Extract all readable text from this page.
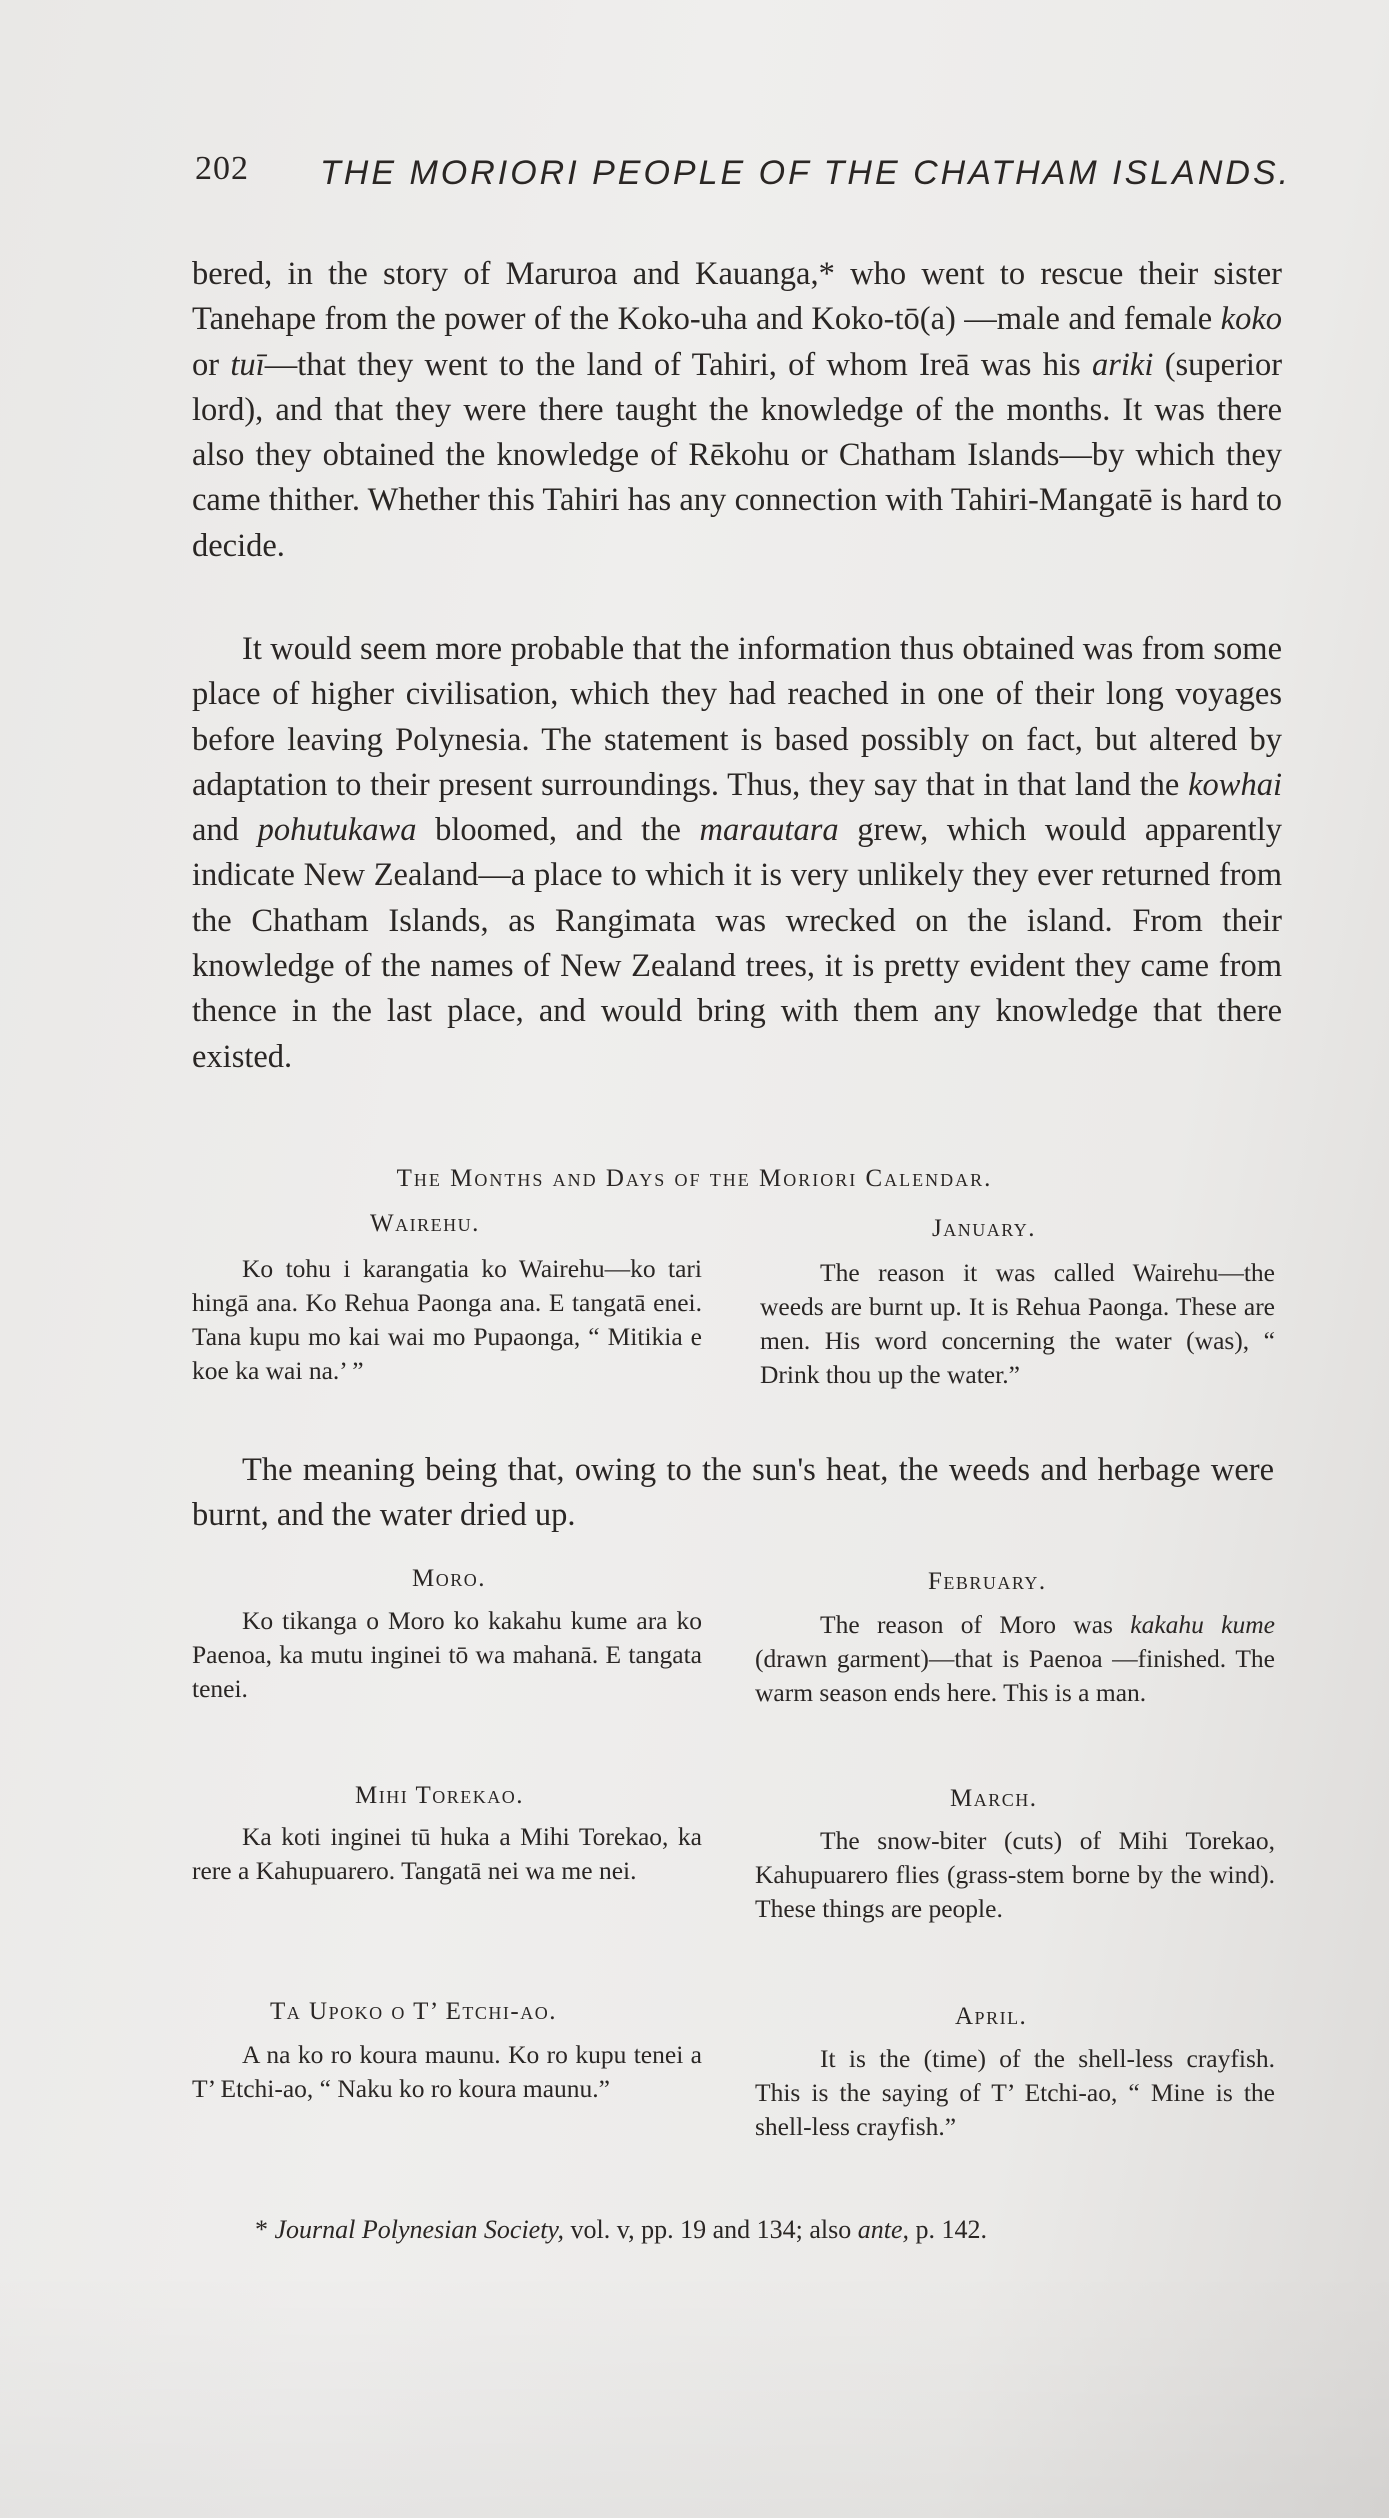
202 THE MORIORI PEOPLE OF THE CHATHAM ISLANDS.

bered, in the story of Maruroa and Kauanga,* who went to rescue their sister Tanehape from the power of the Koko-uha and Koko-tō(a) —male and female koko or tuī—that they went to the land of Tahiri, of whom Ireā was his ariki (superior lord), and that they were there taught the knowledge of the months. It was there also they obtained the knowledge of Rēkohu or Chatham Islands—by which they came thither. Whether this Tahiri has any connection with Tahiri-Mangatē is hard to decide.

It would seem more probable that the information thus obtained was from some place of higher civilisation, which they had reached in one of their long voyages before leaving Polynesia. The statement is based possibly on fact, but altered by adaptation to their present surroundings. Thus, they say that in that land the kowhai and pohutukawa bloomed, and the marautara grew, which would apparently indicate New Zealand—a place to which it is very unlikely they ever returned from the Chatham Islands, as Rangimata was wrecked on the island. From their knowledge of the names of New Zealand trees, it is pretty evident they came from thence in the last place, and would bring with them any knowledge that there existed.

The Months and Days of the Moriori Calendar.
Wairehu.	January.

Ko tohu i karangatia ko Wairehu—ko tari hingā ana. Ko Rehua Paonga ana. E tangatā enei. Tana kupu mo kai wai mo Pupaonga, “ Mitikia e koe ka wai na.’ ”

The reason it was called Wairehu—the weeds are burnt up. It is Rehua Paonga. These are men. His word concerning the water (was), “ Drink thou up the water.”

The meaning being that, owing to the sun's heat, the weeds and herbage were burnt, and the water dried up.

Moro.	February.

Ko tikanga o Moro ko kakahu kume ara ko Paenoa, ka mutu inginei tō wa mahanā. E tangata tenei.

The reason of Moro was kakahu kume (drawn garment)—that is Paenoa —finished. The warm season ends here. This is a man.

Mihi Torekao.	March.

Ka koti inginei tū huka a Mihi Torekao, ka rere a Kahupuarero. Tangatā nei wa me nei.

The snow-biter (cuts) of Mihi Torekao, Kahupuarero flies (grass-stem borne by the wind). These things are people.

Ta Upoko o T’ Etchi-ao.	April.

A na ko ro koura maunu. Ko ro kupu tenei a T’ Etchi-ao, “ Naku ko ro koura maunu.”

It is the (time) of the shell-less crayfish. This is the saying of T’ Etchi-ao, “ Mine is the shell-less crayfish.”

* Journal Polynesian Society, vol. v, pp. 19 and 134; also ante, p. 142.
